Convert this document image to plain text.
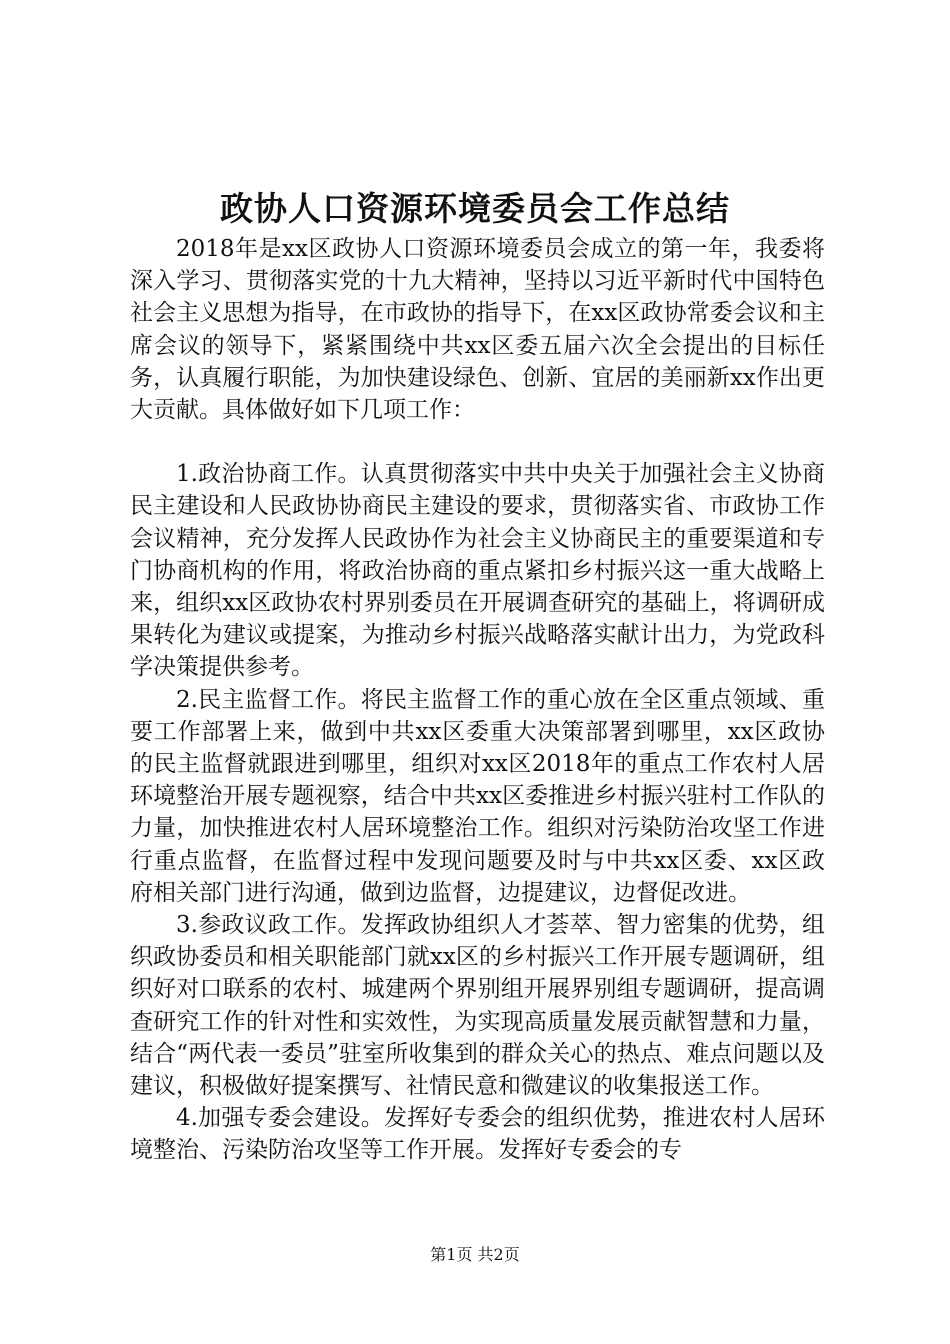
政协人口资源环境委员会工作总结

2018年是xx区政协人口资源环境委员会成立的第一年，我委将深入学习、贯彻落实党的十九大精神，坚持以习近平新时代中国特色社会主义思想为指导，在市政协的指导下，在xx区政协常委会议和主席会议的领导下，紧紧围绕中共xx区委五届六次全会提出的目标任务，认真履行职能，为加快建设绿色、创新、宜居的美丽新xx作出更大贡献。具体做好如下几项工作：

1.政治协商工作。认真贯彻落实中共中央关于加强社会主义协商民主建设和人民政协协商民主建设的要求，贯彻落实省、市政协工作会议精神，充分发挥人民政协作为社会主义协商民主的重要渠道和专门协商机构的作用，将政治协商的重点紧扣乡村振兴这一重大战略上来，组织xx区政协农村界别委员在开展调查研究的基础上，将调研成果转化为建议或提案，为推动乡村振兴战略落实献计出力，为党政科学决策提供参考。

2.民主监督工作。将民主监督工作的重心放在全区重点领域、重要工作部署上来，做到中共xx区委重大决策部署到哪里，xx区政协的民主监督就跟进到哪里，组织对xx区2018年的重点工作农村人居环境整治开展专题视察，结合中共xx区委推进乡村振兴驻村工作队的力量，加快推进农村人居环境整治工作。组织对污染防治攻坚工作进行重点监督，在监督过程中发现问题要及时与中共xx区委、xx区政府相关部门进行沟通，做到边监督，边提建议，边督促改进。

3.参政议政工作。发挥政协组织人才荟萃、智力密集的优势，组织政协委员和相关职能部门就xx区的乡村振兴工作开展专题调研，组织好对口联系的农村、城建两个界别组开展界别组专题调研，提高调查研究工作的针对性和实效性，为实现高质量发展贡献智慧和力量，结合“两代表一委员”驻室所收集到的群众关心的热点、难点问题以及建议，积极做好提案撰写、社情民意和微建议的收集报送工作。

4.加强专委会建设。发挥好专委会的组织优势，推进农村人居环境整治、污染防治攻坚等工作开展。发挥好专委会的专

第1页 共2页
